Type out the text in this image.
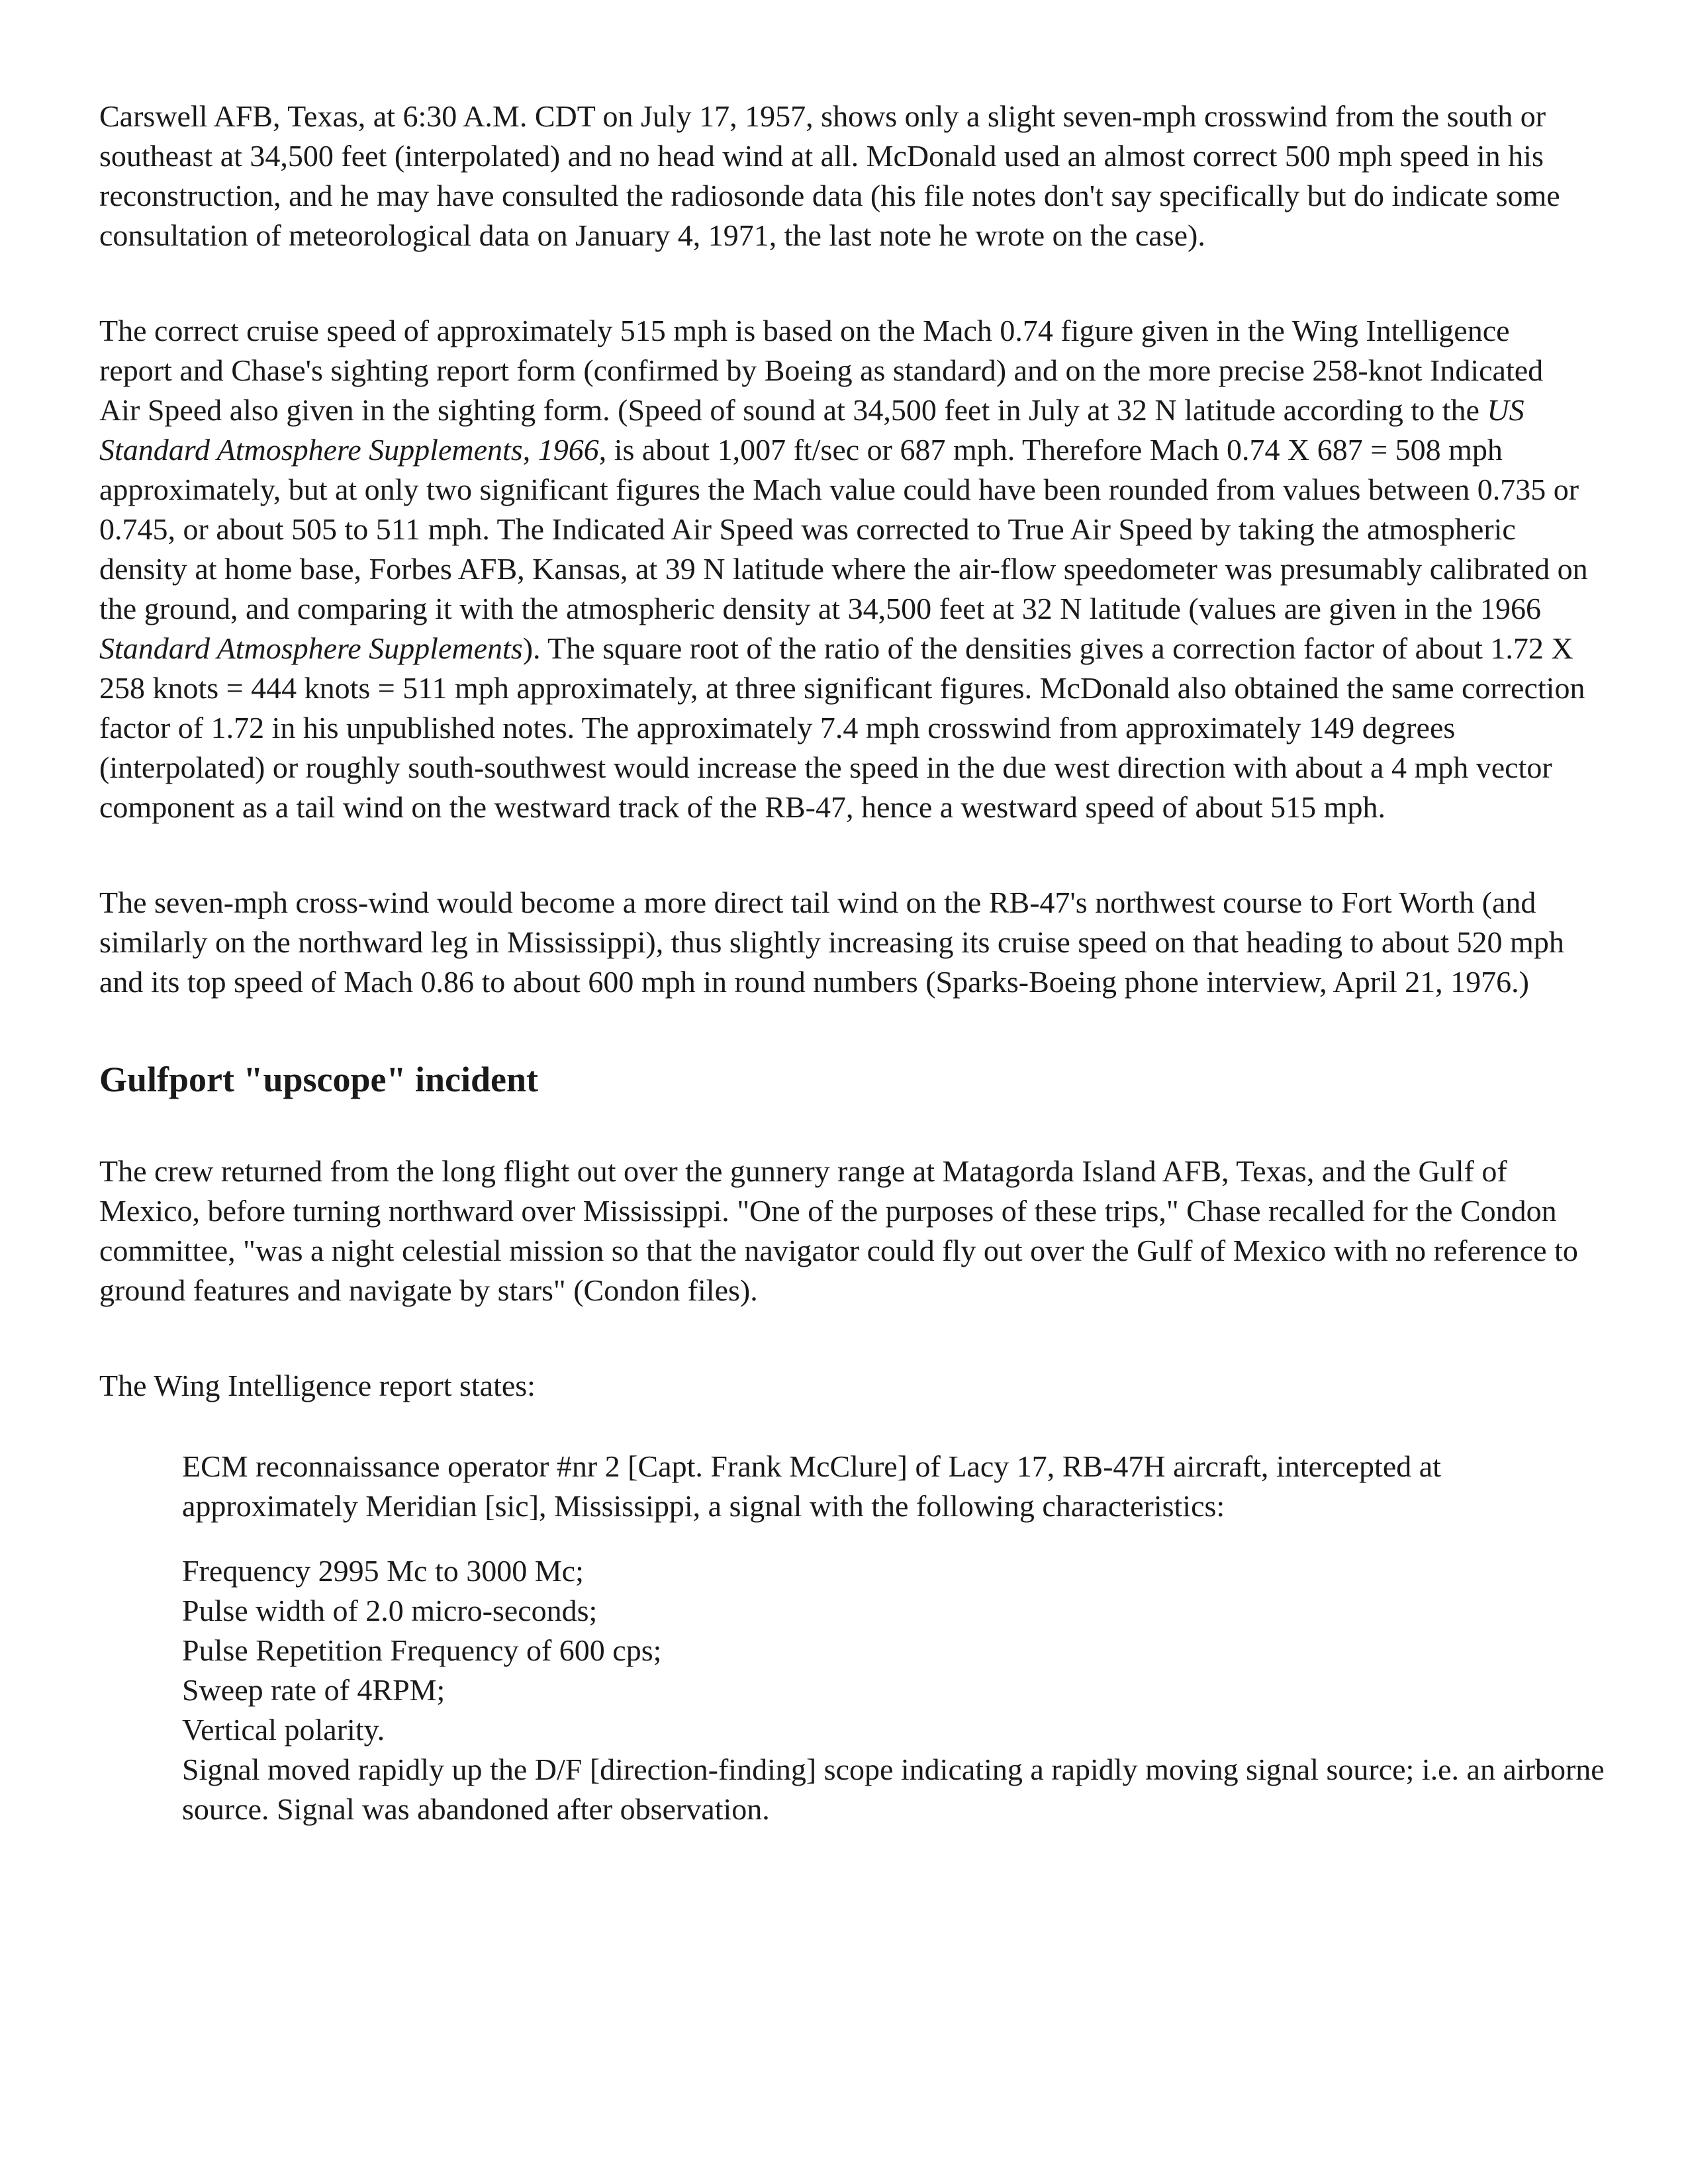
Carswell AFB, Texas, at 6:30 A.M. CDT on July 17, 1957, shows only a slight seven-mph crosswind from the south or southeast at 34,500 feet (interpolated) and no head wind at all. McDonald used an almost correct 500 mph speed in his reconstruction, and he may have consulted the radiosonde data (his file notes don't say specifically but do indicate some consultation of meteorological data on January 4, 1971, the last note he wrote on the case).

The correct cruise speed of approximately 515 mph is based on the Mach 0.74 figure given in the Wing Intelligence report and Chase's sighting report form (confirmed by Boeing as standard) and on the more precise 258-knot Indicated Air Speed also given in the sighting form. (Speed of sound at 34,500 feet in July at 32 N latitude according to the US Standard Atmosphere Supplements, 1966, is about 1,007 ft/sec or 687 mph. Therefore Mach 0.74 X 687 = 508 mph approximately, but at only two significant figures the Mach value could have been rounded from values between 0.735 or 0.745, or about 505 to 511 mph. The Indicated Air Speed was corrected to True Air Speed by taking the atmospheric density at home base, Forbes AFB, Kansas, at 39 N latitude where the air-flow speedometer was presumably calibrated on the ground, and comparing it with the atmospheric density at 34,500 feet at 32 N latitude (values are given in the 1966 Standard Atmosphere Supplements). The square root of the ratio of the densities gives a correction factor of about 1.72 X 258 knots = 444 knots = 511 mph approximately, at three significant figures. McDonald also obtained the same correction factor of 1.72 in his unpublished notes. The approximately 7.4 mph crosswind from approximately 149 degrees (interpolated) or roughly south-southwest would increase the speed in the due west direction with about a 4 mph vector component as a tail wind on the westward track of the RB-47, hence a westward speed of about 515 mph.

The seven-mph cross-wind would become a more direct tail wind on the RB-47's northwest course to Fort Worth (and similarly on the northward leg in Mississippi), thus slightly increasing its cruise speed on that heading to about 520 mph and its top speed of Mach 0.86 to about 600 mph in round numbers (Sparks-Boeing phone interview, April 21, 1976.)

Gulfport "upscope" incident

The crew returned from the long flight out over the gunnery range at Matagorda Island AFB, Texas, and the Gulf of Mexico, before turning northward over Mississippi. "One of the purposes of these trips," Chase recalled for the Condon committee, "was a night celestial mission so that the navigator could fly out over the Gulf of Mexico with no reference to ground features and navigate by stars" (Condon files).

The Wing Intelligence report states:

ECM reconnaissance operator #nr 2 [Capt. Frank McClure] of Lacy 17, RB-47H aircraft, intercepted at approximately Meridian [sic], Mississippi, a signal with the following characteristics:

Frequency 2995 Mc to 3000 Mc;
Pulse width of 2.0 micro-seconds;
Pulse Repetition Frequency of 600 cps;
Sweep rate of 4RPM;
Vertical polarity.
Signal moved rapidly up the D/F [direction-finding] scope indicating a rapidly moving signal source; i.e. an airborne source. Signal was abandoned after observation.
